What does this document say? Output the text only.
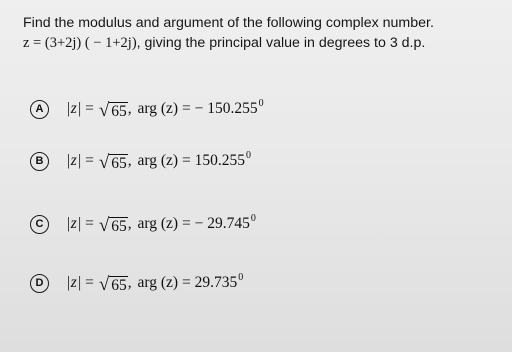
Find the modulus and argument of the following complex number.
z = (3+2j) ( − 1+2j), giving the principal value in degrees to 3 d.p.
A	|z| = √ 65 , arg (z) = − 150.255 0
B	|z| = √ 65 , arg (z) = 150.255 0
C	|z| = √ 65 , arg (z) = − 29.745 0
D	|z| = √ 65 , arg (z) = 29.735 0
